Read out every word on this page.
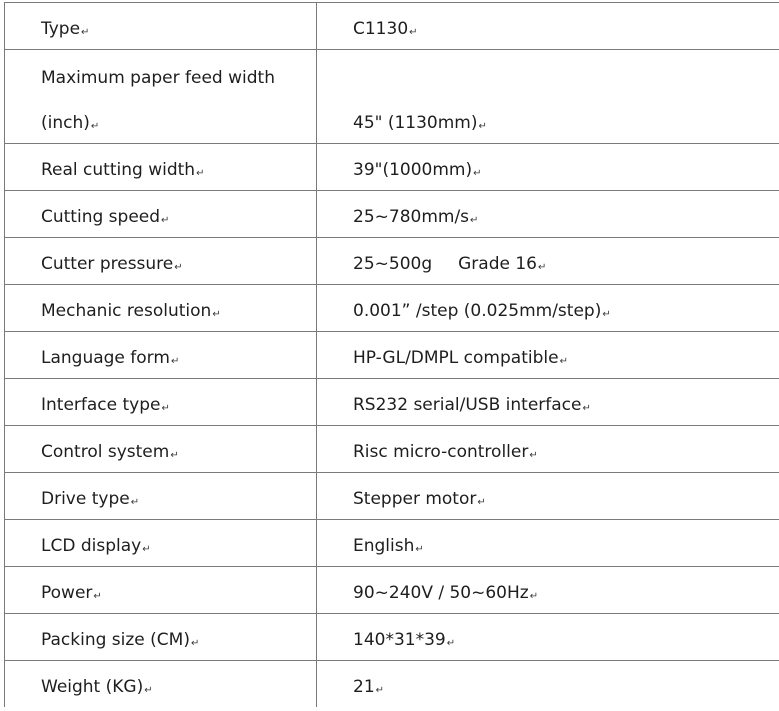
Type↵	C1130↵

Maximum paper feed width
(inch)↵	45" (1130mm)↵
Real cutting width↵	39"(1000mm)↵
Cutting speed↵	25~780mm/s↵
Cutter pressure↵	25~500g Grade 16↵
Mechanic resolution↵	0.001” /step (0.025mm/step)↵
Language form↵	HP-GL/DMPL compatible↵
Interface type↵	RS232 serial/USB interface↵
Control system↵	Risc micro-controller↵
Drive type↵	Stepper motor↵
LCD display↵	English↵
Power↵	90~240V / 50~60Hz↵
Packing size (CM)↵	140*31*39↵
Weight (KG)↵	21↵
